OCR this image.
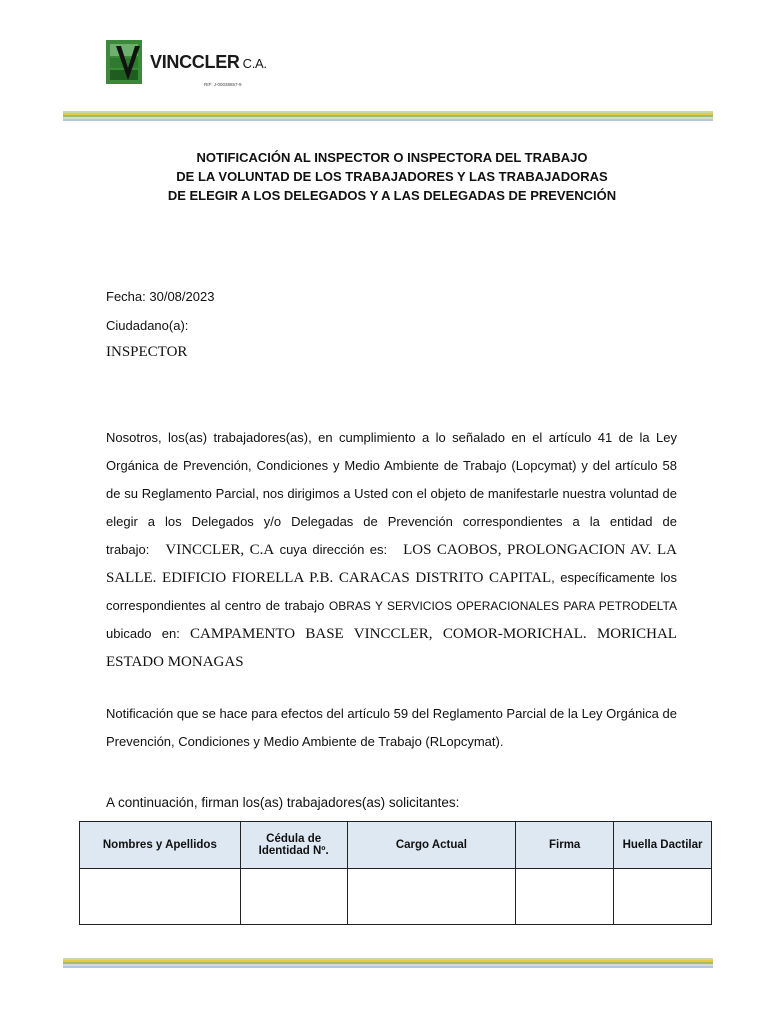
VINCCLER C.A.
RIF: J-00038857-9
NOTIFICACIÓN AL INSPECTOR O INSPECTORA DEL TRABAJO
DE LA VOLUNTAD DE LOS TRABAJADORES Y LAS TRABAJADORAS
DE ELEGIR A LOS DELEGADOS Y A LAS DELEGADAS DE PREVENCIÓN
Fecha: 30/08/2023
Ciudadano(a):
INSPECTOR

Nosotros, los(as) trabajadores(as), en cumplimiento a lo señalado en el artículo 41 de la Ley Orgánica de Prevención, Condiciones y Medio Ambiente de Trabajo (Lopcymat) y del artículo 58 de su Reglamento Parcial, nos dirigimos a Usted con el objeto de manifestarle nuestra voluntad de elegir a los Delegados y/o Delegadas de Prevención correspondientes a la entidad de trabajo: VINCCLER, C.A cuya dirección es: LOS CAOBOS, PROLONGACION AV. LA SALLE. EDIFICIO FIORELLA P.B. CARACAS DISTRITO CAPITAL, específicamente los correspondientes al centro de trabajo OBRAS Y SERVICIOS OPERACIONALES PARA PETRODELTA ubicado en: CAMPAMENTO BASE VINCCLER, COMOR-MORICHAL. MORICHAL ESTADO MONAGAS

Notificación que se hace para efectos del artículo 59 del Reglamento Parcial de la Ley Orgánica de Prevención, Condiciones y Medio Ambiente de Trabajo (RLopcymat).

A continuación, firman los(as) trabajadores(as) solicitantes:
Nombres y Apellidos	Cédula de Identidad Nº.	Cargo Actual	Firma	Huella Dactilar
